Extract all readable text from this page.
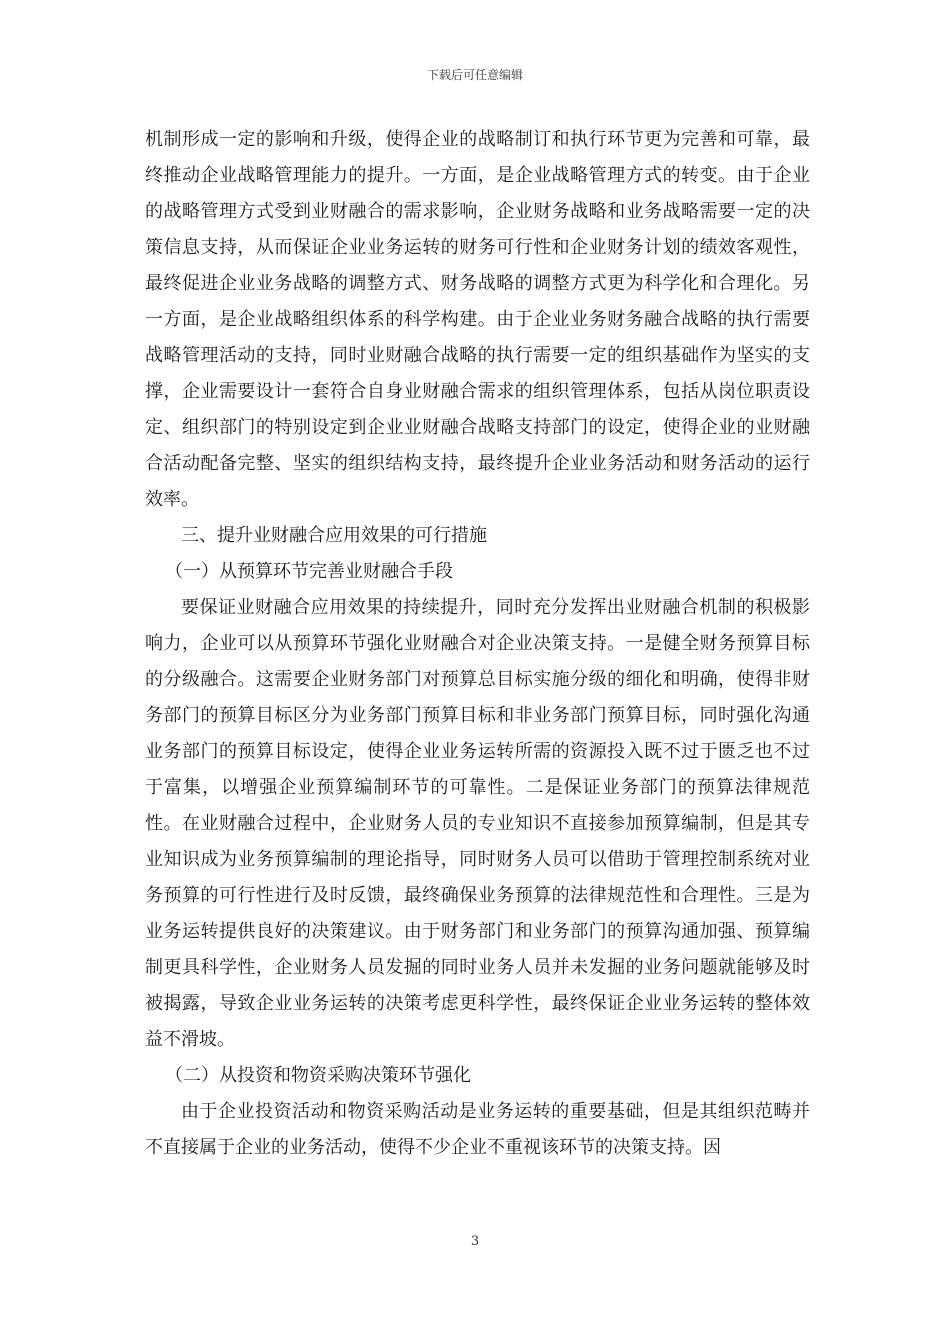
下载后可任意编辑

机制形成一定的影响和升级，使得企业的战略制订和执行环节更为完善和可靠，最终推动企业战略管理能力的提升。一方面，是企业战略管理方式的转变。由于企业的战略管理方式受到业财融合的需求影响，企业财务战略和业务战略需要一定的决策信息支持，从而保证企业业务运转的财务可行性和企业财务计划的绩效客观性，最终促进企业业务战略的调整方式、财务战略的调整方式更为科学化和合理化。另一方面，是企业战略组织体系的科学构建。由于企业业务财务融合战略的执行需要战略管理活动的支持，同时业财融合战略的执行需要一定的组织基础作为坚实的支撑，企业需要设计一套符合自身业财融合需求的组织管理体系，包括从岗位职责设定、组织部门的特别设定到企业业财融合战略支持部门的设定，使得企业的业财融合活动配备完整、坚实的组织结构支持，最终提升企业业务活动和财务活动的运行效率。

三、提升业财融合应用效果的可行措施

（一）从预算环节完善业财融合手段

要保证业财融合应用效果的持续提升，同时充分发挥出业财融合机制的积极影响力，企业可以从预算环节强化业财融合对企业决策支持。一是健全财务预算目标的分级融合。这需要企业财务部门对预算总目标实施分级的细化和明确，使得非财务部门的预算目标区分为业务部门预算目标和非业务部门预算目标，同时强化沟通业务部门的预算目标设定，使得企业业务运转所需的资源投入既不过于匮乏也不过于富集，以增强企业预算编制环节的可靠性。二是保证业务部门的预算法律规范性。在业财融合过程中，企业财务人员的专业知识不直接参加预算编制，但是其专业知识成为业务预算编制的理论指导，同时财务人员可以借助于管理控制系统对业务预算的可行性进行及时反馈，最终确保业务预算的法律规范性和合理性。三是为业务运转提供良好的决策建议。由于财务部门和业务部门的预算沟通加强、预算编制更具科学性，企业财务人员发掘的同时业务人员并未发掘的业务问题就能够及时被揭露，导致企业业务运转的决策考虑更科学性，最终保证企业业务运转的整体效益不滑坡。

（二）从投资和物资采购决策环节强化

由于企业投资活动和物资采购活动是业务运转的重要基础，但是其组织范畴并不直接属于企业的业务活动，使得不少企业不重视该环节的决策支持。因

3
